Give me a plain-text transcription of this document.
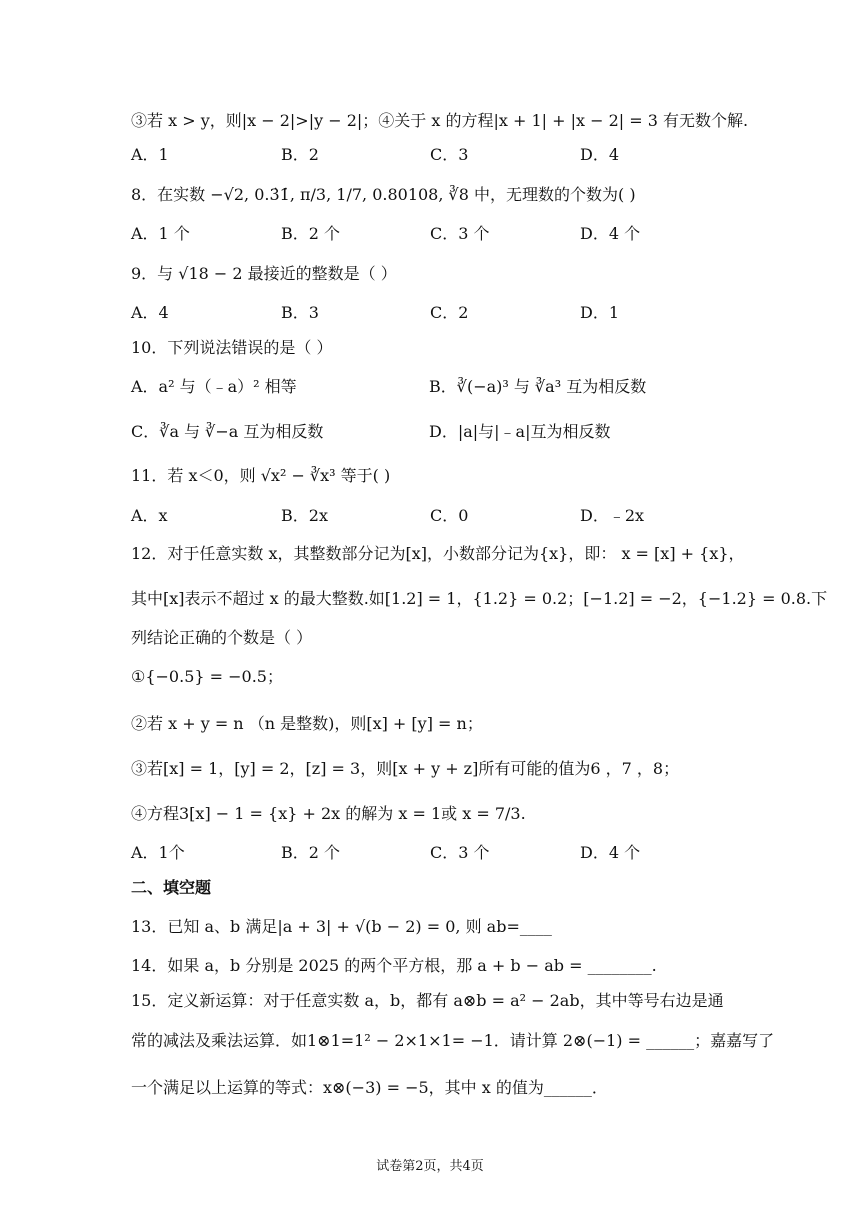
③若 x > y，则|x − 2|>|y − 2|；④关于 x 的方程|x + 1| + |x − 2| = 3 有无数个解.
A．1	B．2	C．3	D．4
8．在实数 −√2, 0.3̇1̇, π/3, 1/7, 0.80108, ∛8 中，无理数的个数为( )
A．1 个	B．2 个	C．3 个	D．4 个
9．与 √18 − 2 最接近的整数是（ ）
A．4	B．3	C．2	D．1
10．下列说法错误的是（ ）
A．a² 与（﹣a）² 相等	B．∛(−a)³ 与 ∛a³ 互为相反数
C．∛a 与 ∛−a 互为相反数	D．|a|与|﹣a|互为相反数
11．若 x＜0，则 √x² − ∛x³ 等于( )
A．x	B．2x	C．0	D．﹣2x
12．对于任意实数 x，其整数部分记为[x]，小数部分记为{x}，即： x = [x] + {x}，
其中[x]表示不超过 x 的最大整数.如[1.2] = 1，{1.2} = 0.2；[−1.2] = −2，{−1.2} = 0.8.下
列结论正确的个数是（ ）
①{−0.5} = −0.5；
②若 x + y = n （n 是整数)，则[x] + [y] = n；
③若[x] = 1，[y] = 2，[z] = 3，则[x + y + z]所有可能的值为6 ，7 ，8；
④方程3[x] − 1 = {x} + 2x 的解为 x = 1或 x = 7/3.
A．1个	B．2 个	C．3 个	D．4 个
二、填空题
13．已知 a、b 满足|a + 3| + √(b − 2) = 0, 则 ab=____
14．如果 a，b 分别是 2025 的两个平方根，那 a + b − ab = ________.
15．定义新运算：对于任意实数 a，b，都有 a⊗b = a² − 2ab，其中等号右边是通
常的减法及乘法运算．如1⊗1=1² − 2×1×1= −1．请计算 2⊗(−1) = ______；嘉嘉写了
一个满足以上运算的等式：x⊗(−3) = −5，其中 x 的值为______．
试卷第2页，共4页
